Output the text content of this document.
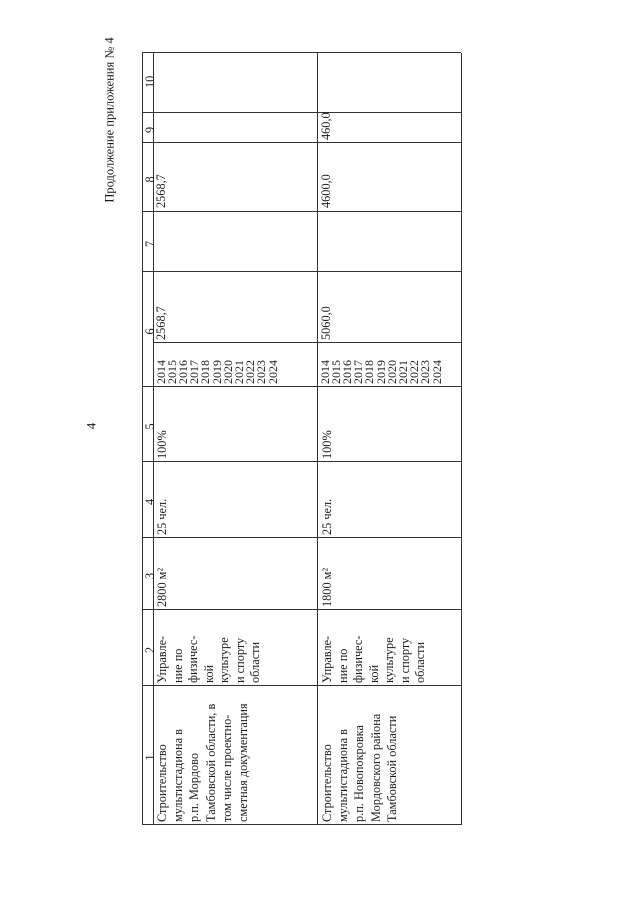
4
Продолжение приложения № 4
1
2
3
4
5
6
7
8
9
10
2014
2015
2016
2017
2018
2019
2020
2021
2022
2023
2024	2014
2015
2016
2017
2018
2019
2020
2021
2022
2023
2024
Строительство мультистадиона в р.п. Мордово Тамбовской области, в том числе проектно- сметная документация
Управле- ние по физичес- кой культуре и спорту области
2800 м²
25 чел.
100%
2568,7
2568,7
Строительство мультистадиона в р.п. Новопокровка Мордовского района Тамбовской области
Управле- ние по физичес- кой культуре и спорту области
1800 м²
25 чел.
100%
5060,0
4600,0
460,0
